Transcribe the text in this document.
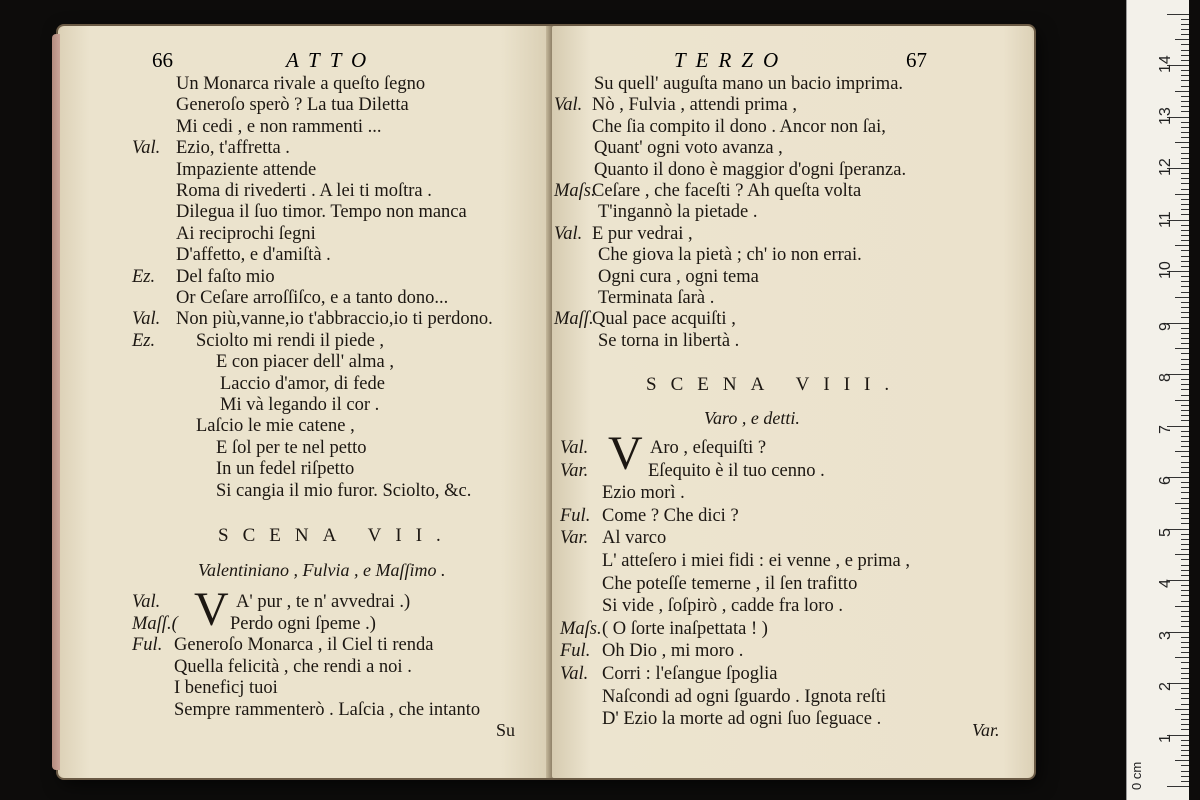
66	ATTO
Un Monarca rivale a queſto ſegno
Generoſo sperò ? La tua Diletta
Mi cedi , e non rammenti ...
Val. Ezio, t'affretta .
Impaziente attende
Roma di rivederti . A lei ti moſtra .
Dilegua il ſuo timor. Tempo non manca
Ai reciprochi ſegni
D'affetto, e d'amiſtà .
Ez. Del faſto mio
Or Ceſare arroſſiſco, e a tanto dono...
Val. Non più,vanne,io t'abbraccio,io ti perdono.
Ez. Sciolto mi rendi il piede ,
E con piacer dell' alma ,
Laccio d'amor, di fede
Mi và legando il cor .
Laſcio le mie catene ,
E ſol per te nel petto
In un fedel riſpetto
Si cangia il mio furor. Sciolto, &c.
SCENA VII.
Valentiniano , Fulvia , e Maſſimo .
V
Val.	A' pur , te n' avvedrai .)
Maſſ.(	Perdo ogni ſpeme .)
Ful. Generoſo Monarca , il Ciel ti renda
Quella felicità , che rendi a noi .
I beneficj tuoi
Sempre rammenterò . Laſcia , che intanto
Su
TERZO	67
Su quell' auguſta mano un bacio imprima.
Val. Nò , Fulvia , attendi prima ,
Che ſia compito il dono . Ancor non ſai,
Quant' ogni voto avanza ,
Quanto il dono è maggior d'ogni ſperanza.
Maſs.
Ceſare , che faceſti ? Ah queſta volta
T'ingannò la pietade .
Val. E pur vedrai ,
Che giova la pietà ; ch' io non errai.
Ogni cura , ogni tema
Terminata ſarà .
Maſſ.
Qual pace acquiſti ,
Se torna in libertà .
SCENA VIII.
Varo , e detti.
V
Val.	Aro , eſequiſti ?
Var.	Eſequito è il tuo cenno .
Ezio morì .
Ful. Come ? Che dici ?
Var. Al varco
L' atteſero i miei fidi : ei venne , e prima ,
Che poteſſe temerne , il ſen trafitto
Si vide , ſoſpirò , cadde fra loro .
Maſs. ( O ſorte inaſpettata ! )
Ful. Oh Dio , mi moro .
Val. Corri : l'eſangue ſpoglia
Naſcondi ad ogni ſguardo . Ignota reſti
D' Ezio la morte ad ogni ſuo ſeguace .
Var.	1
2
3
4
5
6
7
8
9
10
11
12
13
14
0 cm
